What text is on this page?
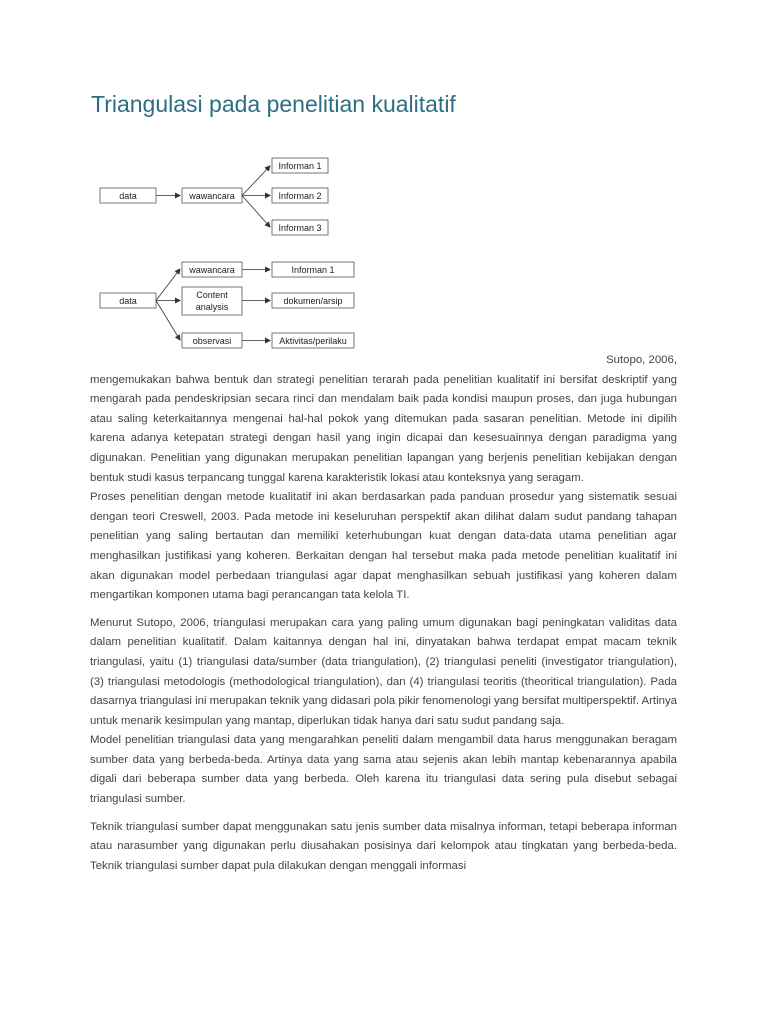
Triangulasi pada penelitian kualitatif
data	wawancara
Informan 1
Informan 2
Informan 3
data
wawancara
Content
analysis
observasi
Informan 1
dokumen/arsip
Aktivitas/perilaku

Sutopo, 2006,

mengemukakan bahwa bentuk dan strategi penelitian terarah pada penelitian kualitatif ini bersifat deskriptif yang mengarah pada pendeskripsian secara rinci dan mendalam baik pada kondisi maupun proses, dan juga hubungan atau saling keterkaitannya mengenai hal-hal pokok yang ditemukan pada sasaran penelitian. Metode ini dipilih karena adanya ketepatan strategi dengan hasil yang ingin dicapai dan kesesuainnya dengan paradigma yang digunakan. Penelitian yang digunakan merupakan penelitian lapangan yang berjenis penelitian kebijakan dengan bentuk studi kasus terpancang tunggal karena karakteristik lokasi atau konteksnya yang seragam.

Proses penelitian dengan metode kualitatif ini akan berdasarkan pada panduan prosedur yang sistematik sesuai dengan teori Creswell, 2003. Pada metode ini keseluruhan perspektif akan dilihat dalam sudut pandang tahapan penelitian yang saling bertautan dan memiliki keterhubungan kuat dengan data-data utama penelitian agar menghasilkan justifikasi yang koheren. Berkaitan dengan hal tersebut maka pada metode penelitian kualitatif ini akan digunakan model perbedaan triangulasi agar dapat menghasilkan sebuah justifikasi yang koheren dalam mengartikan komponen utama bagi perancangan tata kelola TI.

Menurut Sutopo, 2006, triangulasi merupakan cara yang paling umum digunakan bagi peningkatan validitas data dalam penelitian kualitatif. Dalam kaitannya dengan hal ini, dinyatakan bahwa terdapat empat macam teknik triangulasi, yaitu (1) triangulasi data/sumber (data triangulation), (2) triangulasi peneliti (investigator triangulation), (3) triangulasi metodologis (methodological triangulation), dan (4) triangulasi teoritis (theoritical triangulation). Pada dasarnya triangulasi ini merupakan teknik yang didasari pola pikir fenomenologi yang bersifat multiperspektif. Artinya untuk menarik kesimpulan yang mantap, diperlukan tidak hanya dari satu sudut pandang saja.

Model penelitian triangulasi data yang mengarahkan peneliti dalam mengambil data harus menggunakan beragam sumber data yang berbeda-beda. Artinya data yang sama atau sejenis akan lebih mantap kebenarannya apabila digali dari beberapa sumber data yang berbeda. Oleh karena itu triangulasi data sering pula disebut sebagai triangulasi sumber.

Teknik triangulasi sumber dapat menggunakan satu jenis sumber data misalnya informan, tetapi beberapa informan atau narasumber yang digunakan perlu diusahakan posisinya dari kelompok atau tingkatan yang berbeda-beda. Teknik triangulasi sumber dapat pula dilakukan dengan menggali informasi
